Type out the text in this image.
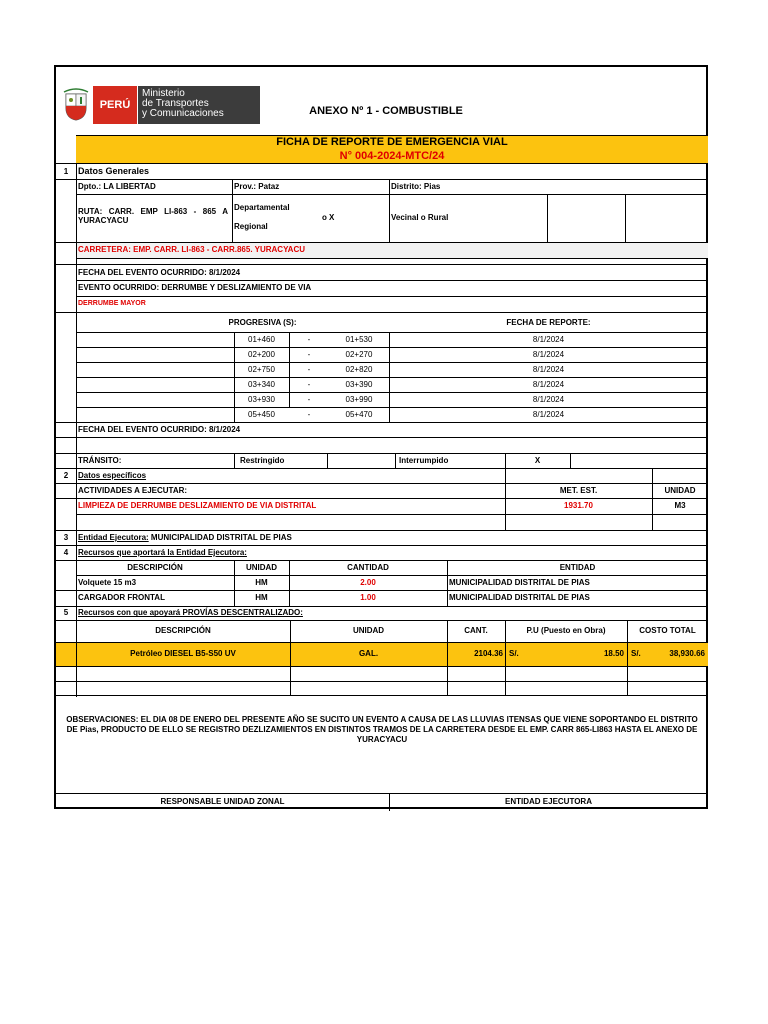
PERÚ
Ministerio
de Transportes
y Comunicaciones	ANEXO Nº 1 - COMBUSTIBLE
FICHA DE REPORTE DE EMERGENCIA VIAL
N° 004-2024-MTC/24
1	Datos Generales
Dpto.: LA LIBERTAD	Prov.: Pataz	Distrito: Pias
RUTA: CARR. EMP LI-863 - 865 A
YURACYACU
Departamental
Regional
o X	Vecinal o Rural
CARRETERA: EMP. CARR. LI-863 - CARR.865. YURACYACU
FECHA DEL EVENTO OCURRIDO: 8/1/2024
EVENTO OCURRIDO: DERRUMBE Y DESLIZAMIENTO DE VIA
DERRUMBE MAYOR
PROGRESIVA (S):	FECHA DE REPORTE:
01+460	-	01+530	8/1/2024
02+200	-	02+270	8/1/2024
02+750	-	02+820	8/1/2024
03+340	-	03+390	8/1/2024
03+930	-	03+990	8/1/2024
05+450	-	05+470	8/1/2024
FECHA DEL EVENTO OCURRIDO: 8/1/2024
TRÁNSITO:	Restringido	Interrumpido	X
2	Datos específicos
ACTIVIDADES A EJECUTAR:	MET. EST.	UNIDAD
LIMPIEZA DE DERRUMBE DESLIZAMIENTO DE VIA DISTRITAL	1931.70	M3
3	Entidad Ejecutora:
MUNICIPALIDAD DISTRITAL DE PIAS
4	Recursos que aportará la Entidad Ejecutora:
DESCRIPCIÓN	UNIDAD	CANTIDAD	ENTIDAD
Volquete 15 m3	HM	2.00	MUNICIPALIDAD DISTRITAL DE PIAS
CARGADOR FRONTAL	HM	1.00	MUNICIPALIDAD DISTRITAL DE PIAS
5	Recursos con que apoyará PROVÍAS DESCENTRALIZADO:
DESCRIPCIÓN	UNIDAD	CANT.	P.U (Puesto en Obra)	COSTO TOTAL
Petróleo DIESEL B5-S50 UV	GAL.	2104.36 S/.	18.50 S/.	38,930.66
OBSERVACIONES: EL DIA 08 DE ENERO DEL PRESENTE AÑO SE SUCITO UN EVENTO A CAUSA DE LAS LLUVIAS ITENSAS QUE VIENE SOPORTANDO EL DISTRITO DE Pias, PRODUCTO DE ELLO SE REGISTRO DEZLIZAMIENTOS EN DISTINTOS TRAMOS DE LA CARRETERA DESDE EL EMP. CARR 865-LI863 HASTA EL ANEXO DE YURACYACU
RESPONSABLE UNIDAD ZONAL	ENTIDAD EJECUTORA
